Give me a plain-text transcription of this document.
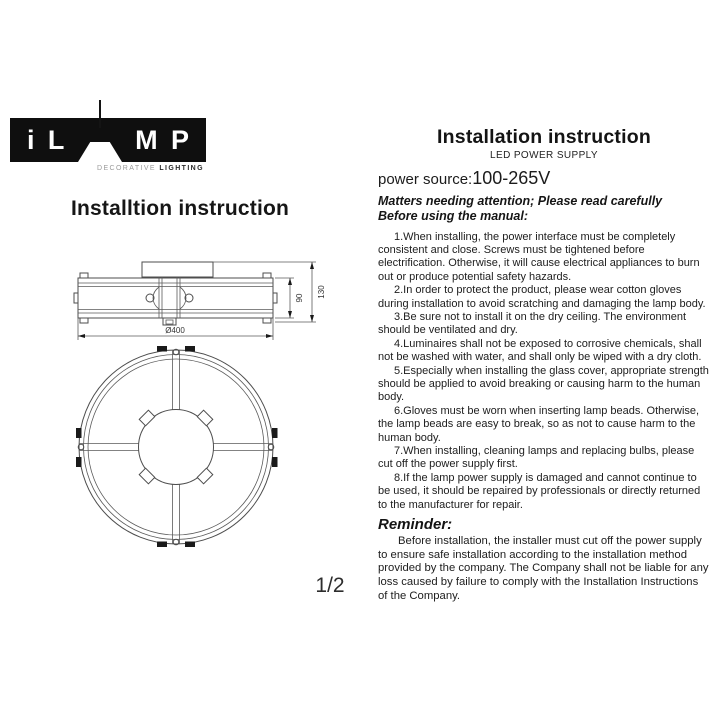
i L	M P
DECORATIVE LIGHTING
Installtion instruction
Ø400
90 130
1/2
Installation instruction
LED POWER SUPPLY
power source:100-265V
Matters needing attention; Please read carefully
Before using the manual:

1.When installing, the power interface must be completely consistent and close. Screws must be tightened before electrification. Otherwise, it will cause electrical appliances to burn out or produce potential safety hazards.

2.In order to protect the product, please wear cotton gloves during installation to avoid scratching and damaging the lamp body.

3.Be sure not to install it on the dry ceiling. The environment should be ventilated and dry.

4.Luminaires shall not be exposed to corrosive chemicals, shall not be washed with water, and shall only be wiped with a dry cloth.

5.Especially when installing the glass cover, appropriate strength should be applied to avoid breaking or causing harm to the human body.

6.Gloves must be worn when inserting lamp beads. Otherwise, the lamp beads are easy to break, so as not to cause harm to the human body.

7.When installing, cleaning lamps and replacing bulbs, please cut off the power supply first.

8.If the lamp power supply is damaged and cannot continue to be used, it should be repaired by professionals or directly returned to the manufacturer for repair.

Reminder:

Before installation, the installer must cut off the power supply to ensure safe installation according to the installation method provided by the company. The Company shall not be liable for any loss caused by failure to comply with the Installation Instructions of the Company.
